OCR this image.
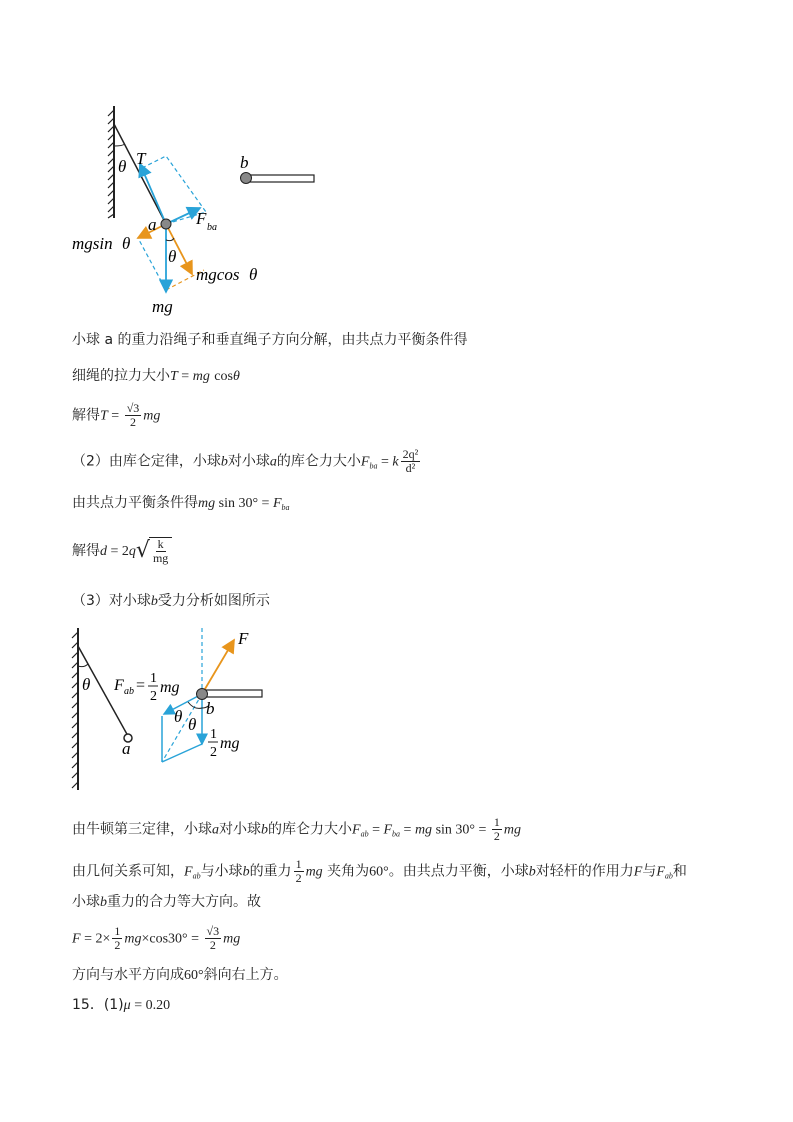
θ T	b
a F ba
mgsin θ
θ
mgcos θ
mg
小球 a 的重力沿绳子和垂直绳子方向分解，由共点力平衡条件得
细绳的拉力大小T = mg cosθ
解得$T = \frac{√3}{2}$ mg
（2）由库仑定律，小球b对小球a的库仑力大小$F_{ba} = k \frac{\text{2q²}}{\text{d²}}$
由共点力平衡条件得mg $\sin 30^\circ = F_{ba}$
解得d = 2q √ $\frac{k}{mg}$
（3）对小球b受力分析如图所示
F
θ F ab = 1
2
mg
b
θ θ
1
2
mg
a
由牛顿第三定律，小球a对小球b的库仑力大小$F_{ab} = F_{ba}$ = mg $\sin 30^\circ = \frac{1}{2}$ mg
由几何关系可知，$F_{ab}$与小球b的重力 $\frac{1}{2}$ mg 夹角为60°。由共点力平衡，小球b对轻杆的作用力F与$F_{ab}$和
小球b重力的合力等大方向。故
$F = 2\times \frac{1}{2} mg\times\cos 30^\circ = \frac{√3}{2}$ mg
方向与水平方向成60°斜向右上方。
15．(1)μ = 0.20
